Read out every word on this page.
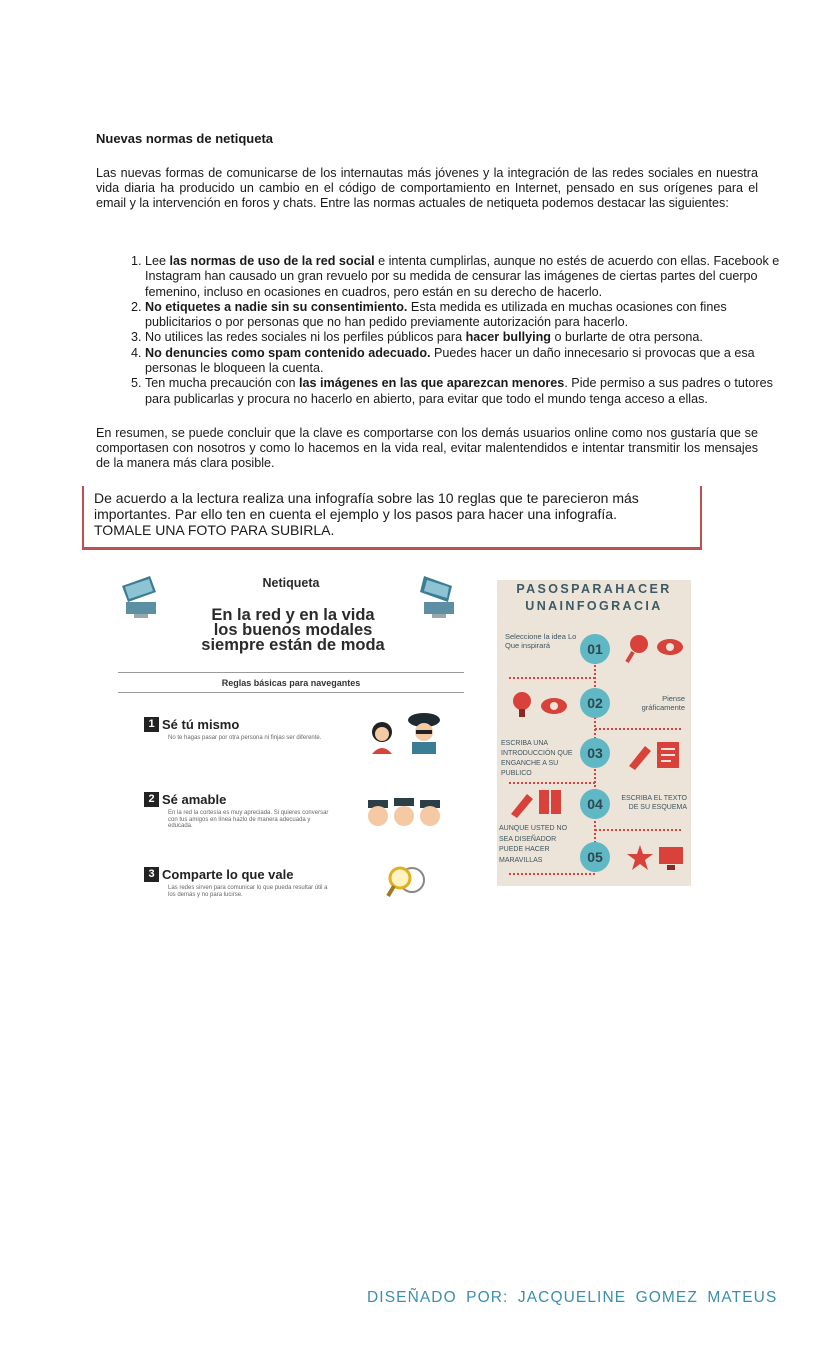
Nuevas normas de netiqueta
Las nuevas formas de comunicarse de los internautas más jóvenes y la integración de las redes sociales en nuestra vida diaria ha producido un cambio en el código de comportamiento en Internet, pensado en sus orígenes para el email y la intervención en foros y chats. Entre las normas actuales de netiqueta podemos destacar las siguientes:
1. Lee las normas de uso de la red social e intenta cumplirlas, aunque no estés de acuerdo con ellas. Facebook e Instagram han causado un gran revuelo por su medida de censurar las imágenes de ciertas partes del cuerpo femenino, incluso en ocasiones en cuadros, pero están en su derecho de hacerlo.
2. No etiquetes a nadie sin su consentimiento. Esta medida es utilizada en muchas ocasiones con fines publicitarios o por personas que no han pedido previamente autorización para hacerlo.
3. No utilices las redes sociales ni los perfiles públicos para hacer bullying o burlarte de otra persona.
4. No denuncies como spam contenido adecuado. Puedes hacer un daño innecesario si provocas que a esa personas le bloqueen la cuenta.
5. Ten mucha precaución con las imágenes en las que aparezcan menores. Pide permiso a sus padres o tutores para publicarlas y procura no hacerlo en abierto, para evitar que todo el mundo tenga acceso a ellas.
En resumen, se puede concluir que la clave es comportarse con los demás usuarios online como nos gustaría que se comportasen con nosotros y como lo hacemos en la vida real, evitar malentendidos e intentar transmitir los mensajes de la manera más clara posible.
De acuerdo a la lectura realiza una infografía sobre las 10 reglas que te parecieron más
importantes. Par ello ten en cuenta el ejemplo y los pasos para hacer una infografía.
TOMALE UNA FOTO PARA SUBIRLA.
Netiqueta
En la red y en la vida
los buenos modales
siempre están de moda
Reglas básicas para navegantes
1 Sé tú mismo
No te hagas pasar por otra persona ni finjas ser diferente.
2 Sé amable
En la red la cortesía es muy apreciada. Si quieres conversar con tus amigos en línea hazlo de manera adecuada y educada.
3 Comparte lo que vale
Las redes sirven para comunicar lo que pueda resultar útil a los demás y no para lucirse.
PASOSPARAHACER
UNAINFOGRACIA
Seleccione la idea Lo Que inspirará	01
02	Piense gráficamente
ESCRIBA UNA INTRODUCCIÓN QUE ENGANCHE A SU PUBLICO
03
04	ESCRIBA EL TEXTO DE SU ESQUEMA
AUNQUE USTED NO SEA DISEÑADOR PUEDE HACER MARAVILLAS	05
DISEÑADO POR: JACQUELINE GOMEZ MATEUS
